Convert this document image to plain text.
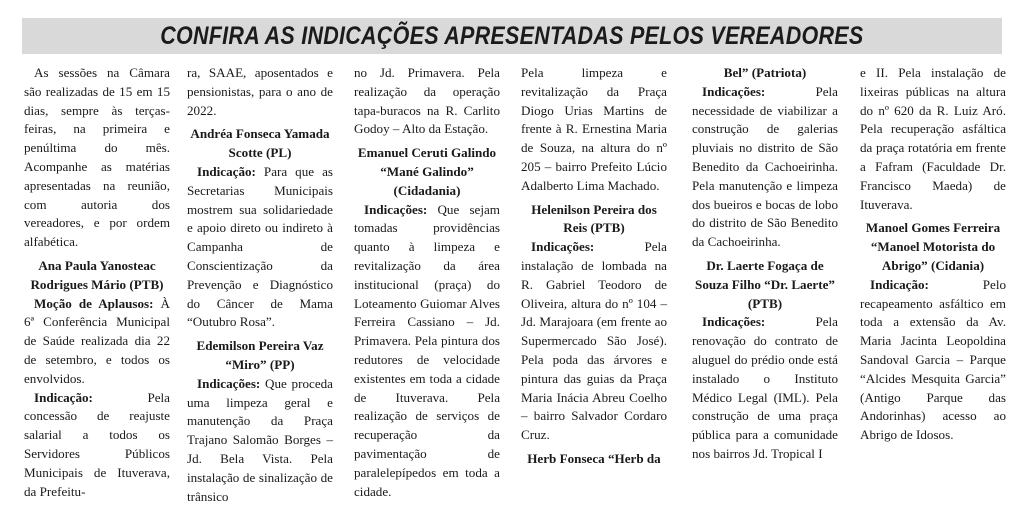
CONFIRA AS INDICAÇÕES APRESENTADAS PELOS VEREADORES

As sessões na Câmara são realizadas de 15 em 15 dias, sempre às terças-feiras, na primeira e penúltima do mês. Acompanhe as matérias apresentadas na reunião, com autoria dos vereadores, e por ordem alfabética.

Ana Paula Yanosteac Rodrigues Mário (PTB)

Moção de Aplausos: À 6ª Conferência Municipal de Saúde realizada dia 22 de setembro, e todos os envolvidos.

Indicação:	Pela concessão de reajuste salarial a todos os Servidores Públicos Municipais de Ituverava, da Prefeitu-

ra, SAAE, aposentados e pensionistas, para o ano de 2022.

Andréa Fonseca Yamada Scotte (PL)

Indicação: Para que as Secretarias Municipais mostrem sua solidariedade e apoio direto ou indireto à Campanha de Conscientização da Prevenção e Diagnóstico do Câncer de Mama “Outubro Rosa”.

Edemilson Pereira Vaz “Miro” (PP)

Indicações: Que proceda uma limpeza geral e manutenção da Praça Trajano Salomão Borges – Jd. Bela Vista. Pela instalação de sinalização de trânsico

no Jd. Primavera. Pela realização da operação tapa-buracos na R. Carlito Godoy – Alto da Estação.

Emanuel Ceruti Galindo “Mané Galindo” (Cidadania)

Indicações: Que sejam tomadas providências quanto à limpeza e revitalização da área institucional (praça) do Loteamento Guiomar Alves Ferreira Cassiano – Jd. Primavera. Pela pintura dos redutores de velocidade existentes em toda a cidade de Ituverava. Pela realização de serviços de recuperação da pavimentação de paralelepípedos em toda a cidade.

Pela limpeza e revitalização da Praça Diogo Urias Martins de frente à R. Ernestina Maria de Souza, na altura do nº 205 – bairro Prefeito Lúcio Adalberto Lima Machado.

Helenilson Pereira dos Reis (PTB)

Indicações:	Pela instalação de lombada na R. Gabriel Teodoro de Oliveira, altura do nº 104 – Jd. Marajoara (em frente ao Supermercado São José). Pela poda das árvores e pintura das guias da Praça Maria Inácia Abreu Coelho – bairro Salvador Cordaro Cruz.

Herb Fonseca “Herb da

Bel” (Patriota)

Indicações:	Pela necessidade de viabilizar a construção de galerias pluviais no distrito de São Benedito da Cachoeirinha. Pela manutenção e limpeza dos bueiros e bocas de lobo do distrito de São Benedito da Cachoeirinha.

Dr. Laerte Fogaça de Souza Filho “Dr. Laerte” (PTB)

Indicações:	Pela renovação do contrato de aluguel do prédio onde está instalado o Instituto Médico Legal (IML). Pela construção de uma praça pública para a comunidade nos bairros Jd. Tropical I

e II. Pela instalação de lixeiras públicas na altura do nº 620 da R. Luiz Aró. Pela recuperação asfáltica da praça rotatória em frente a Fafram (Faculdade Dr. Francisco Maeda) de Ituverava.

Manoel Gomes Ferreira “Manoel Motorista do Abrigo” (Cidania)

Indicação:	Pelo recapeamento asfáltico em toda a extensão da Av. Maria Jacinta Leopoldina Sandoval Garcia – Parque “Alcides Mesquita Garcia” (Antigo Parque das Andorinhas) acesso ao Abrigo de Idosos.
